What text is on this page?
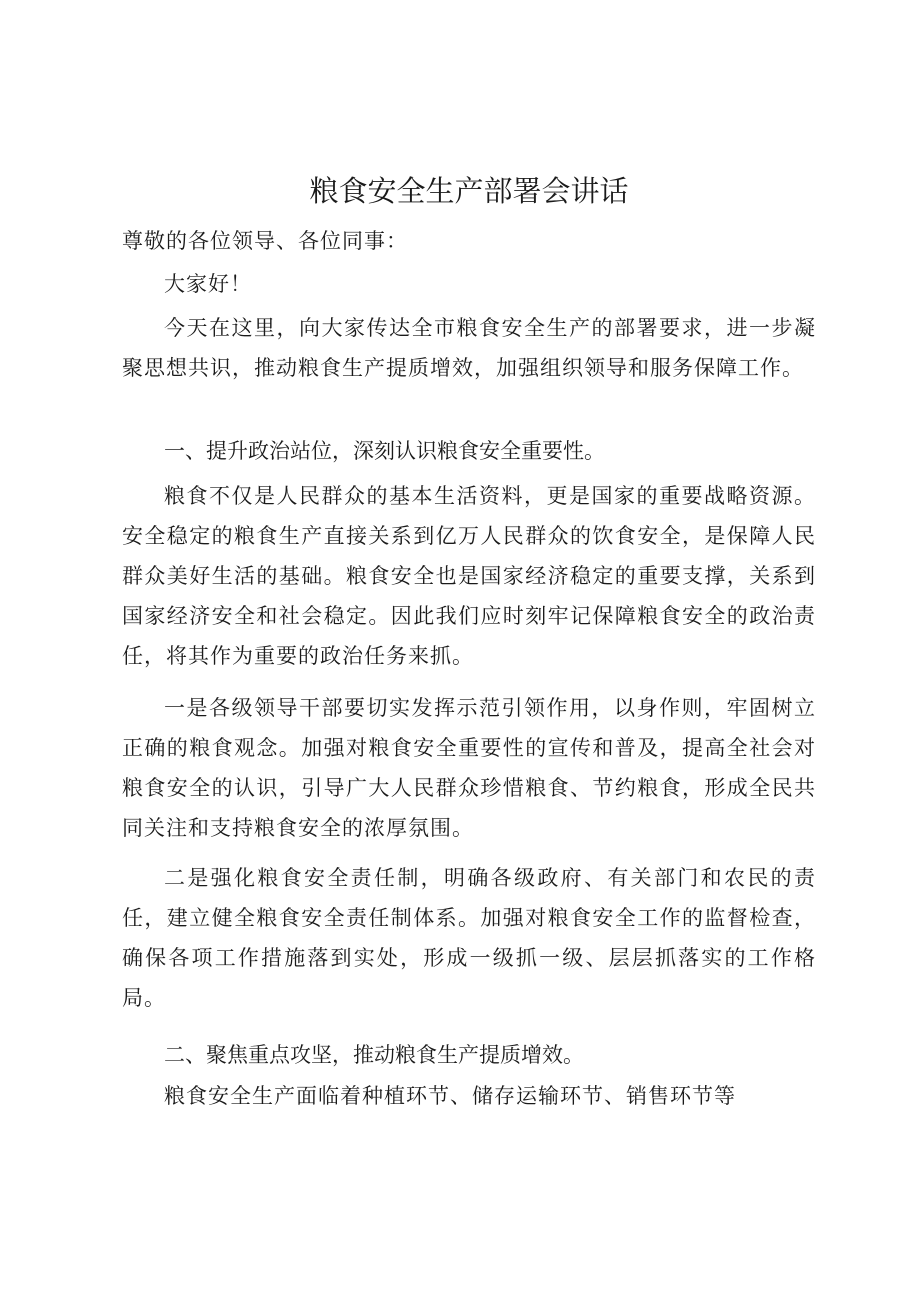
粮食安全生产部署会讲话

尊敬的各位领导、各位同事：

大家好！

今天在这里，向大家传达全市粮食安全生产的部署要求，进一步凝聚思想共识，推动粮食生产提质增效，加强组织领导和服务保障工作。

一、提升政治站位，深刻认识粮食安全重要性。

粮食不仅是人民群众的基本生活资料，更是国家的重要战略资源。安全稳定的粮食生产直接关系到亿万人民群众的饮食安全，是保障人民群众美好生活的基础。粮食安全也是国家经济稳定的重要支撑，关系到国家经济安全和社会稳定。因此我们应时刻牢记保障粮食安全的政治责任，将其作为重要的政治任务来抓。

一是各级领导干部要切实发挥示范引领作用，以身作则，牢固树立正确的粮食观念。加强对粮食安全重要性的宣传和普及，提高全社会对粮食安全的认识，引导广大人民群众珍惜粮食、节约粮食，形成全民共同关注和支持粮食安全的浓厚氛围。

二是强化粮食安全责任制，明确各级政府、有关部门和农民的责任，建立健全粮食安全责任制体系。加强对粮食安全工作的监督检查，确保各项工作措施落到实处，形成一级抓一级、层层抓落实的工作格局。

二、聚焦重点攻坚，推动粮食生产提质增效。

粮食安全生产面临着种植环节、储存运输环节、销售环节等
